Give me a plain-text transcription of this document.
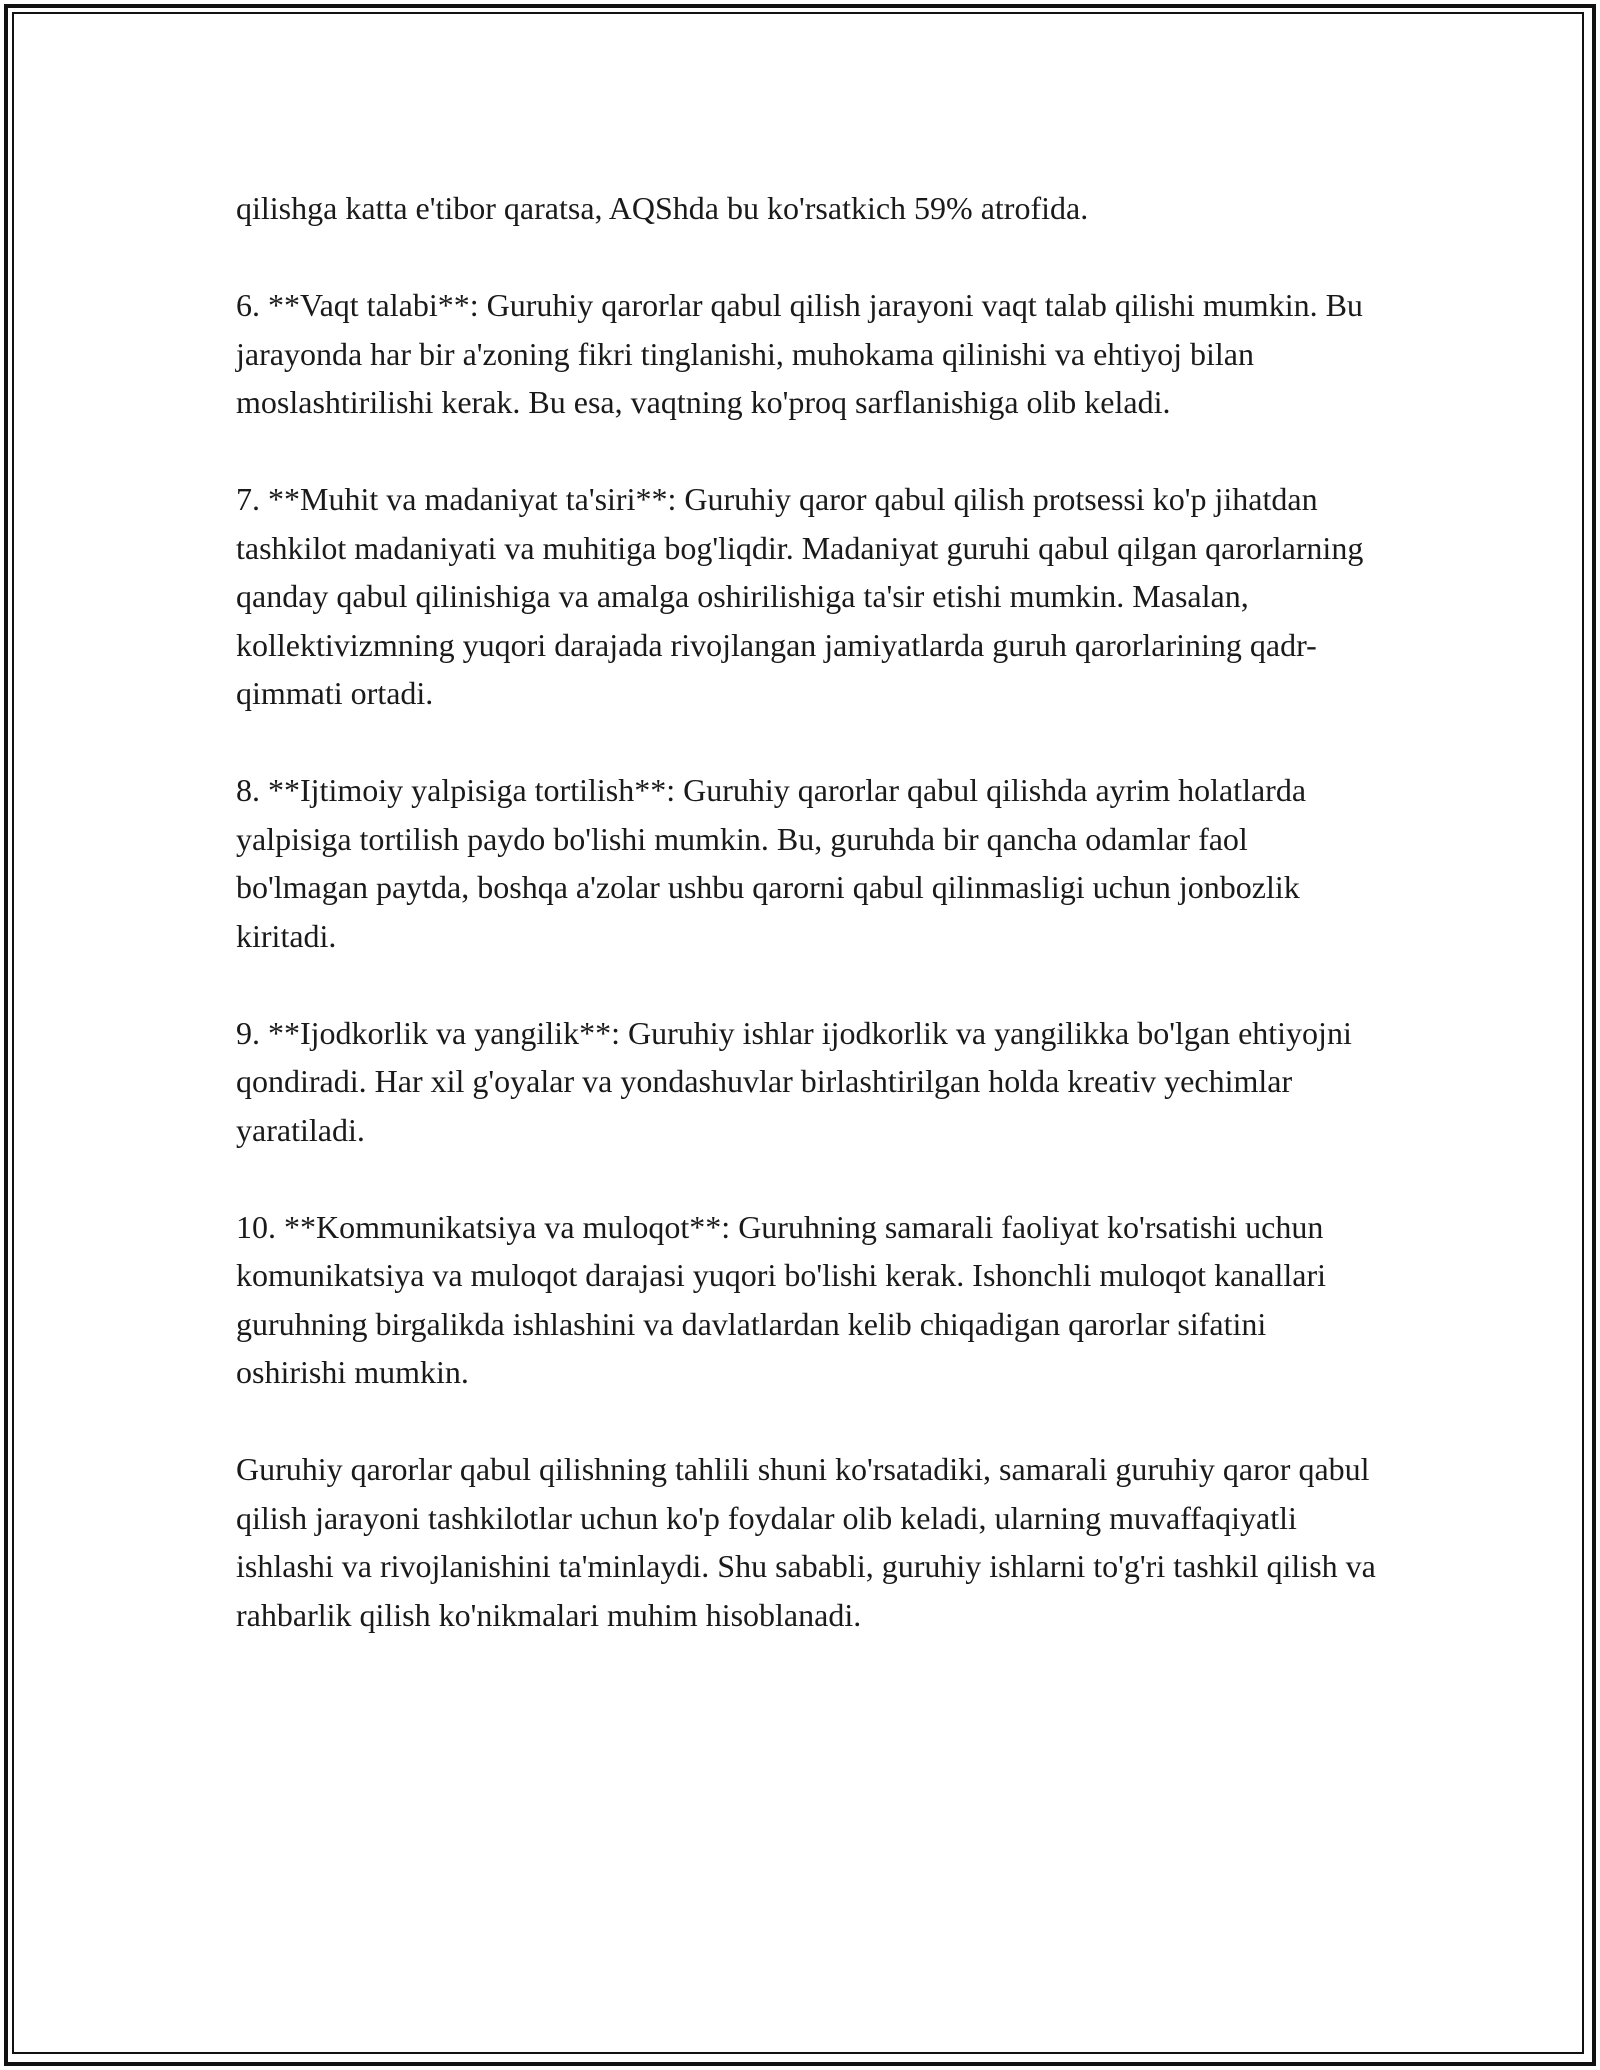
qilishga katta e'tibor qaratsa, AQShda bu ko'rsatkich 59% atrofida.

6. **Vaqt talabi**: Guruhiy qarorlar qabul qilish jarayoni vaqt talab qilishi mumkin. Bu jarayonda har bir a'zoning fikri tinglanishi, muhokama qilinishi va ehtiyoj bilan moslashtirilishi kerak. Bu esa, vaqtning ko'proq sarflanishiga olib keladi.

7. **Muhit va madaniyat ta'siri**: Guruhiy qaror qabul qilish protsessi ko'p jihatdan tashkilot madaniyati va muhitiga bog'liqdir. Madaniyat guruhi qabul qilgan qarorlarning qanday qabul qilinishiga va amalga oshirilishiga ta'sir etishi mumkin. Masalan, kollektivizmning yuqori darajada rivojlangan jamiyatlarda guruh qarorlarining qadr-qimmati ortadi.

8. **Ijtimoiy yalpisiga tortilish**: Guruhiy qarorlar qabul qilishda ayrim holatlarda yalpisiga tortilish paydo bo'lishi mumkin. Bu, guruhda bir qancha odamlar faol bo'lmagan paytda, boshqa a'zolar ushbu qarorni qabul qilinmasligi uchun jonbozlik kiritadi.

9. **Ijodkorlik va yangilik**: Guruhiy ishlar ijodkorlik va yangilikka bo'lgan ehtiyojni qondiradi. Har xil g'oyalar va yondashuvlar birlashtirilgan holda kreativ yechimlar yaratiladi.

10. **Kommunikatsiya va muloqot**: Guruhning samarali faoliyat ko'rsatishi uchun komunikatsiya va muloqot darajasi yuqori bo'lishi kerak. Ishonchli muloqot kanallari guruhning birgalikda ishlashini va davlatlardan kelib chiqadigan qarorlar sifatini oshirishi mumkin.

Guruhiy qarorlar qabul qilishning tahlili shuni ko'rsatadiki, samarali guruhiy qaror qabul qilish jarayoni tashkilotlar uchun ko'p foydalar olib keladi, ularning muvaffaqiyatli ishlashi va rivojlanishini ta'minlaydi. Shu sababli, guruhiy ishlarni to'g'ri tashkil qilish va rahbarlik qilish ko'nikmalari muhim hisoblanadi.
